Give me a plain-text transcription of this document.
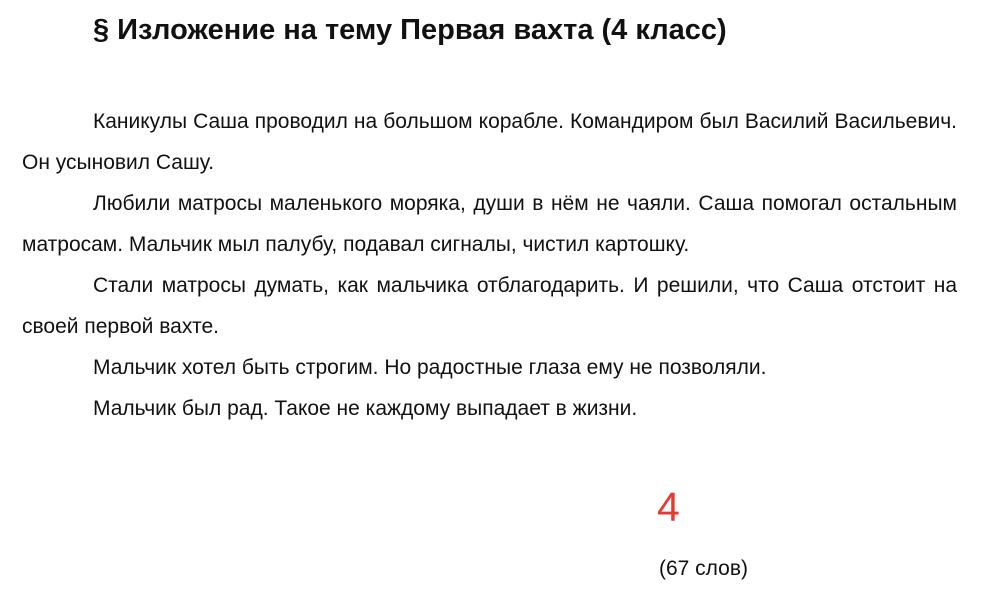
§ Изложение на тему Первая вахта (4 класс)

Каникулы Саша проводил на большом корабле. Командиром был Василий Васильевич. Он усыновил Сашу.

Любили матросы маленького моряка, души в нём не чаяли. Саша помогал остальным матросам. Мальчик мыл палубу, подавал сигналы, чистил картошку.

Стали матросы думать, как мальчика отблагодарить. И решили, что Саша отстоит на своей первой вахте.

Мальчик хотел быть строгим. Но радостные глаза ему не позволяли.

Мальчик был рад. Такое не каждому выпадает в жизни.

4
(67 слов)
